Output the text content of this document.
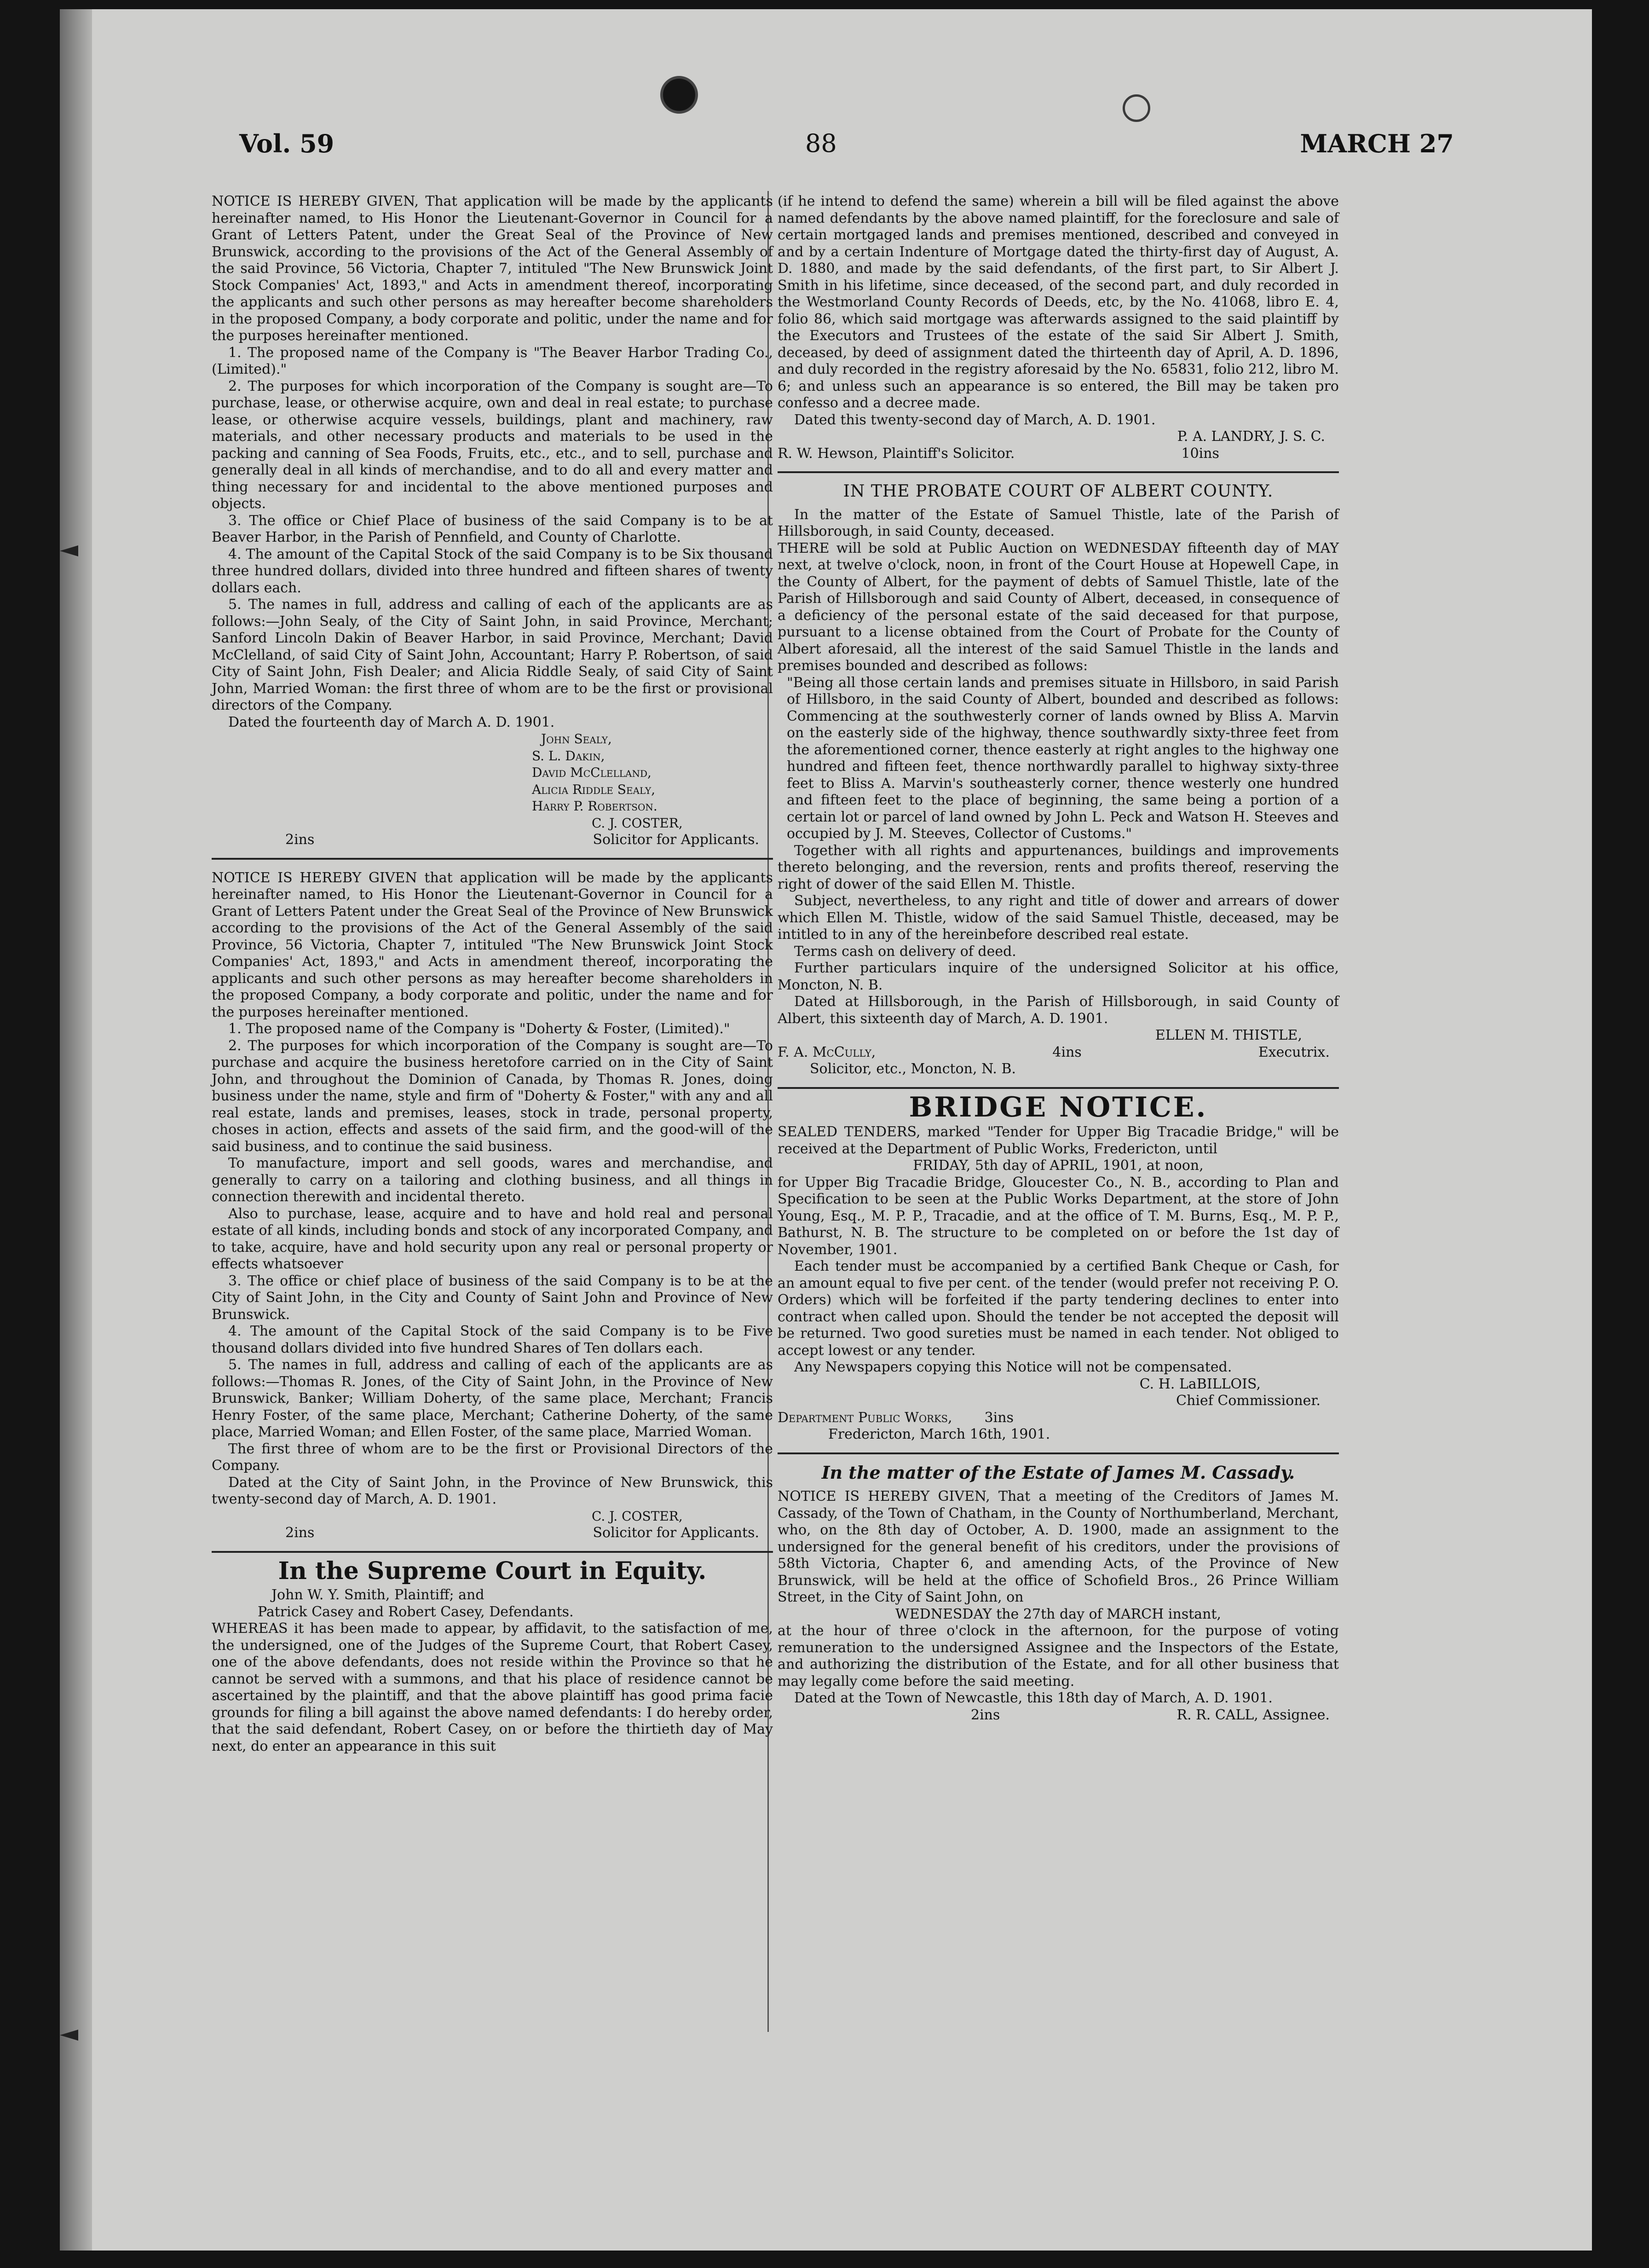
Vol. 59	88	MARCH 27

NOTICE IS HEREBY GIVEN, That application will be made by the applicants hereinafter named, to His Honor the Lieutenant-Governor in Council for a Grant of Letters Patent, under the Great Seal of the Province of New Brunswick, according to the provisions of the Act of the General Assembly of the said Province, 56 Victoria, Chapter 7, intituled "The New Brunswick Joint Stock Companies' Act, 1893," and Acts in amendment thereof, incorporating the applicants and such other persons as may hereafter become shareholders in the proposed Company, a body corporate and politic, under the name and for the purposes hereinafter mentioned.

1. The proposed name of the Company is "The Beaver Harbor Trading Co., (Limited)."

2. The purposes for which incorporation of the Company is sought are—To purchase, lease, or otherwise acquire, own and deal in real estate; to purchase lease, or otherwise acquire vessels, buildings, plant and machinery, raw materials, and other necessary products and materials to be used in the packing and canning of Sea Foods, Fruits, etc., etc., and to sell, purchase and generally deal in all kinds of merchandise, and to do all and every matter and thing necessary for and incidental to the above mentioned purposes and objects.

3. The office or Chief Place of business of the said Company is to be at Beaver Harbor, in the Parish of Pennfield, and County of Charlotte.

4. The amount of the Capital Stock of the said Company is to be Six thousand three hundred dollars, divided into three hundred and fifteen shares of twenty dollars each.

5. The names in full, address and calling of each of the applicants are as follows:—John Sealy, of the City of Saint John, in said Province, Merchant; Sanford Lincoln Dakin of Beaver Harbor, in said Province, Merchant; David McClelland, of said City of Saint John, Accountant; Harry P. Robertson, of said City of Saint John, Fish Dealer; and Alicia Riddle Sealy, of said City of Saint John, Married Woman: the first three of whom are to be the first or provisional directors of the Company.

Dated the fourteenth day of March A. D. 1901.

John Sealy,

S. L. Dakin,

David McClelland,

Alicia Riddle Sealy,

Harry P. Robertson.

C. J. COSTER,

2ins	Solicitor for Applicants.

NOTICE IS HEREBY GIVEN that application will be made by the applicants hereinafter named, to His Honor the Lieutenant-Governor in Council for a Grant of Letters Patent under the Great Seal of the Province of New Brunswick according to the provisions of the Act of the General Assembly of the said Province, 56 Victoria, Chapter 7, intituled "The New Brunswick Joint Stock Companies' Act, 1893," and Acts in amendment thereof, incorporating the applicants and such other persons as may hereafter become shareholders in the proposed Company, a body corporate and politic, under the name and for the purposes hereinafter mentioned.

1. The proposed name of the Company is "Doherty & Foster, (Limited)."

2. The purposes for which incorporation of the Company is sought are—To purchase and acquire the business heretofore carried on in the City of Saint John, and throughout the Dominion of Canada, by Thomas R. Jones, doing business under the name, style and firm of "Doherty & Foster," with any and all real estate, lands and premises, leases, stock in trade, personal property, choses in action, effects and assets of the said firm, and the good-will of the said business, and to continue the said business.

To manufacture, import and sell goods, wares and merchandise, and generally to carry on a tailoring and clothing business, and all things in connection therewith and incidental thereto.

Also to purchase, lease, acquire and to have and hold real and personal estate of all kinds, including bonds and stock of any incorporated Company, and to take, acquire, have and hold security upon any real or personal property or effects whatsoever

3. The office or chief place of business of the said Company is to be at the City of Saint John, in the City and County of Saint John and Province of New Brunswick.

4. The amount of the Capital Stock of the said Company is to be Five thousand dollars divided into five hundred Shares of Ten dollars each.

5. The names in full, address and calling of each of the applicants are as follows:—Thomas R. Jones, of the City of Saint John, in the Province of New Brunswick, Banker; William Doherty, of the same place, Merchant; Francis Henry Foster, of the same place, Merchant; Catherine Doherty, of the same place, Married Woman; and Ellen Foster, of the same place, Married Woman.

The first three of whom are to be the first or Provisional Directors of the Company.

Dated at the City of Saint John, in the Province of New Brunswick, this twenty-second day of March, A. D. 1901.

C. J. COSTER,

2ins	Solicitor for Applicants.
In the Supreme Court in Equity.

John W. Y. Smith, Plaintiff; and

Patrick Casey and Robert Casey, Defendants.

WHEREAS it has been made to appear, by affidavit, to the satisfaction of me, the undersigned, one of the Judges of the Supreme Court, that Robert Casey, one of the above defendants, does not reside within the Province so that he cannot be served with a summons, and that his place of residence cannot be ascertained by the plaintiff, and that the above plaintiff has good prima facie grounds for filing a bill against the above named defendants: I do hereby order, that the said defendant, Robert Casey, on or before the thirtieth day of May next, do enter an appearance in this suit

(if he intend to defend the same) wherein a bill will be filed against the above named defendants by the above named plaintiff, for the foreclosure and sale of certain mortgaged lands and premises mentioned, described and conveyed in and by a certain Indenture of Mortgage dated the thirty-first day of August, A. D. 1880, and made by the said defendants, of the first part, to Sir Albert J. Smith in his lifetime, since deceased, of the second part, and duly recorded in the Westmorland County Records of Deeds, etc, by the No. 41068, libro E. 4, folio 86, which said mortgage was afterwards assigned to the said plaintiff by the Executors and Trustees of the estate of the said Sir Albert J. Smith, deceased, by deed of assignment dated the thirteenth day of April, A. D. 1896, and duly recorded in the registry aforesaid by the No. 65831, folio 212, libro M. 6; and unless such an appearance is so entered, the Bill may be taken pro confesso and a decree made.

Dated this twenty-second day of March, A. D. 1901.

P. A. LANDRY, J. S. C.

R. W. Hewson, Plaintiff's Solicitor.	10ins
IN THE PROBATE COURT OF ALBERT COUNTY.

In the matter of the Estate of Samuel Thistle, late of the Parish of Hillsborough, in said County, deceased.

THERE will be sold at Public Auction on WEDNESDAY fifteenth day of MAY next, at twelve o'clock, noon, in front of the Court House at Hopewell Cape, in the County of Albert, for the payment of debts of Samuel Thistle, late of the Parish of Hillsborough and said County of Albert, deceased, in consequence of a deficiency of the personal estate of the said deceased for that purpose, pursuant to a license obtained from the Court of Probate for the County of Albert aforesaid, all the interest of the said Samuel Thistle in the lands and premises bounded and described as follows:

"Being all those certain lands and premises situate in Hillsboro, in said Parish of Hillsboro, in the said County of Albert, bounded and described as follows: Commencing at the southwesterly corner of lands owned by Bliss A. Marvin on the easterly side of the highway, thence southwardly sixty-three feet from the aforementioned corner, thence easterly at right angles to the highway one hundred and fifteen feet, thence northwardly parallel to highway sixty-three feet to Bliss A. Marvin's southeasterly corner, thence westerly one hundred and fifteen feet to the place of beginning, the same being a portion of a certain lot or parcel of land owned by John L. Peck and Watson H. Steeves and occupied by J. M. Steeves, Collector of Customs."

Together with all rights and appurtenances, buildings and improvements thereto belonging, and the reversion, rents and profits thereof, reserving the right of dower of the said Ellen M. Thistle.

Subject, nevertheless, to any right and title of dower and arrears of dower which Ellen M. Thistle, widow of the said Samuel Thistle, deceased, may be intitled to in any of the hereinbefore described real estate.

Terms cash on delivery of deed.

Further particulars inquire of the undersigned Solicitor at his office, Moncton, N. B.

Dated at Hillsborough, in the Parish of Hillsborough, in said County of Albert, this sixteenth day of March, A. D. 1901.

ELLEN M. THISTLE,

F. A. McCully,	4ins	Executrix.

Solicitor, etc., Moncton, N. B.

BRIDGE NOTICE.

SEALED TENDERS, marked "Tender for Upper Big Tracadie Bridge," will be received at the Department of Public Works, Fredericton, until

FRIDAY, 5th day of APRIL, 1901, at noon,

for Upper Big Tracadie Bridge, Gloucester Co., N. B., according to Plan and Specification to be seen at the Public Works Department, at the store of John Young, Esq., M. P. P., Tracadie, and at the office of T. M. Burns, Esq., M. P. P., Bathurst, N. B. The structure to be completed on or before the 1st day of November, 1901.

Each tender must be accompanied by a certified Bank Cheque or Cash, for an amount equal to five per cent. of the tender (would prefer not receiving P. O. Orders) which will be forfeited if the party tendering declines to enter into contract when called upon. Should the tender be not accepted the deposit will be returned. Two good sureties must be named in each tender. Not obliged to accept lowest or any tender.

Any Newspapers copying this Notice will not be compensated.

C. H. LaBILLOIS,

Chief Commissioner.

Department Public Works,	3ins

Fredericton, March 16th, 1901.

In the matter of the Estate of James M. Cassady.

NOTICE IS HEREBY GIVEN, That a meeting of the Creditors of James M. Cassady, of the Town of Chatham, in the County of Northumberland, Merchant, who, on the 8th day of October, A. D. 1900, made an assignment to the undersigned for the general benefit of his creditors, under the provisions of 58th Victoria, Chapter 6, and amending Acts, of the Province of New Brunswick, will be held at the office of Schofield Bros., 26 Prince William Street, in the City of Saint John, on

WEDNESDAY the 27th day of MARCH instant,

at the hour of three o'clock in the afternoon, for the purpose of voting remuneration to the undersigned Assignee and the Inspectors of the Estate, and authorizing the distribution of the Estate, and for all other business that may legally come before the said meeting.

Dated at the Town of Newcastle, this 18th day of March, A. D. 1901.

2ins	R. R. CALL, Assignee.
